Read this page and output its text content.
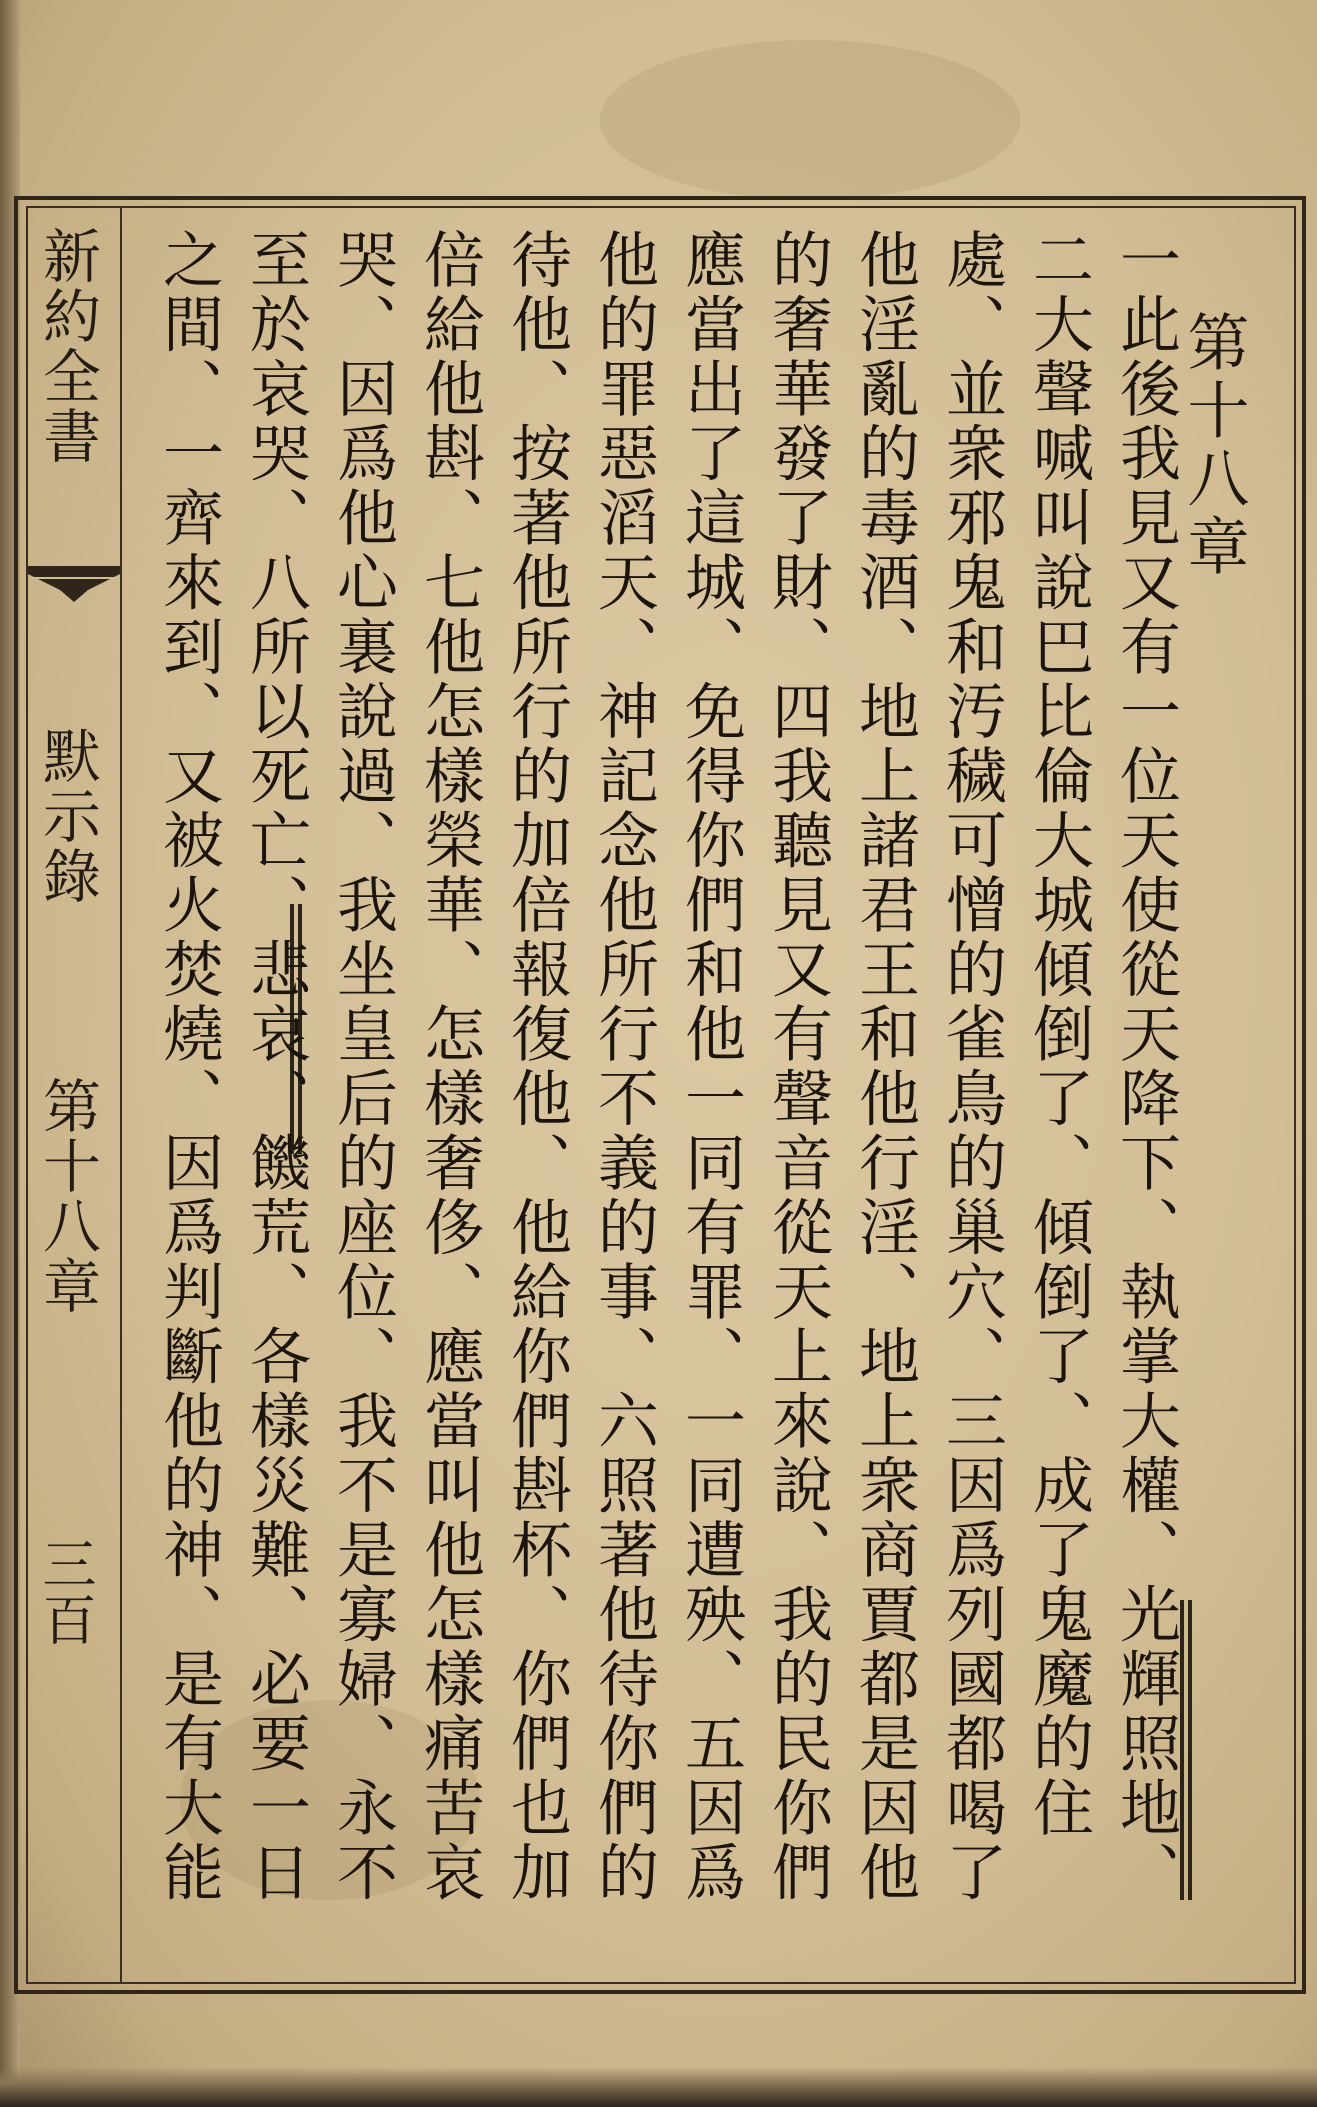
新約全書
默示錄
第十八章
三百
第十八章
一此後我見又有一位天使從天降下、執掌大權、光輝照地、二大聲喊叫說巴比倫大城傾倒了、傾倒了、成了鬼魔的住處、並衆邪鬼和汚穢可憎的雀鳥的巢穴、三因爲列國都喝了他淫亂的毒酒、地上諸君王和他行淫、地上衆商賈都是因他的奢華發了財、四我聽見又有聲音從天上來說、我的民你們應當出了這城、免得你們和他一同有罪、一同遭殃、五因爲他的罪惡滔天、神記念他所行不義的事、六照著他待你們的待他、按著他所行的加倍報復他、他給你們斟杯、你們也加倍給他斟、七他怎樣榮華、怎樣奢侈、應當叫他怎樣痛苦哀哭、因爲他心裏說過、我坐皇后的座位、我不是寡婦、永不至於哀哭、八所以死亡、悲哀、饑荒、各樣災難、必要一日之間、一齊來到、又被火焚燒、因爲判斷他的神、是有大能
